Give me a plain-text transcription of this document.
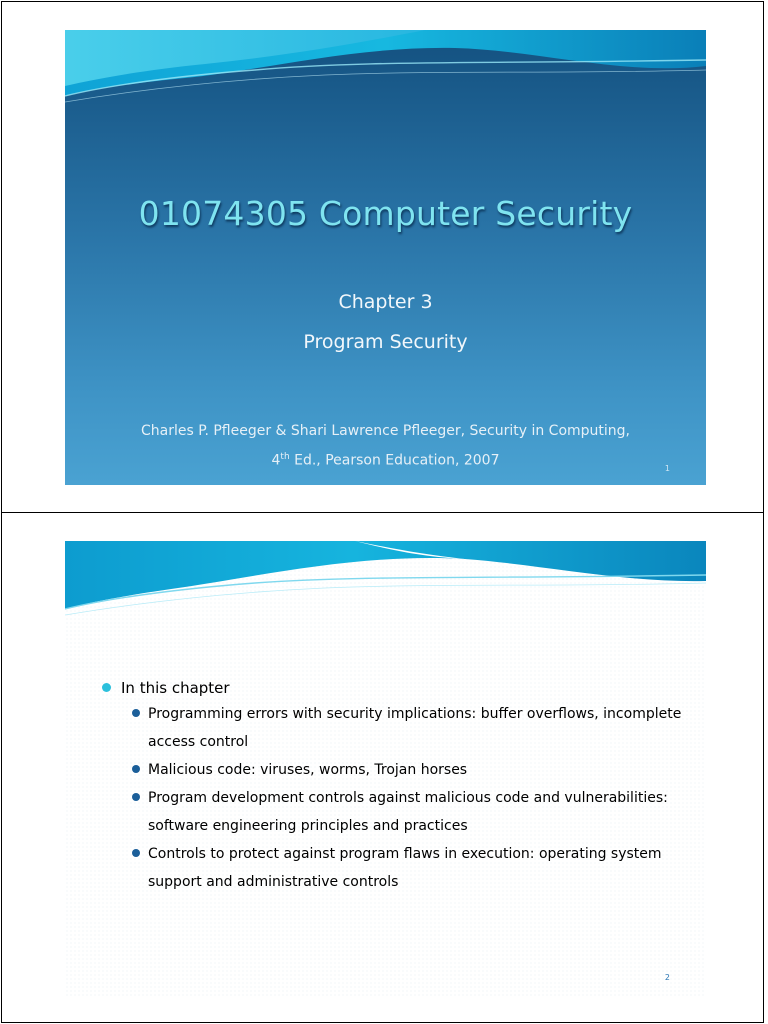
01074305 Computer Security
Chapter 3
Program Security
Charles P. Pfleeger & Shari Lawrence Pfleeger, Security in Computing,
4th Ed., Pearson Education, 2007	1
In this chapter
Programming errors with security implications: buffer overflows, incomplete access control
Malicious code: viruses, worms, Trojan horses
Program development controls against malicious code and vulnerabilities: software engineering principles and practices
Controls to protect against program flaws in execution: operating system support and administrative controls
2
